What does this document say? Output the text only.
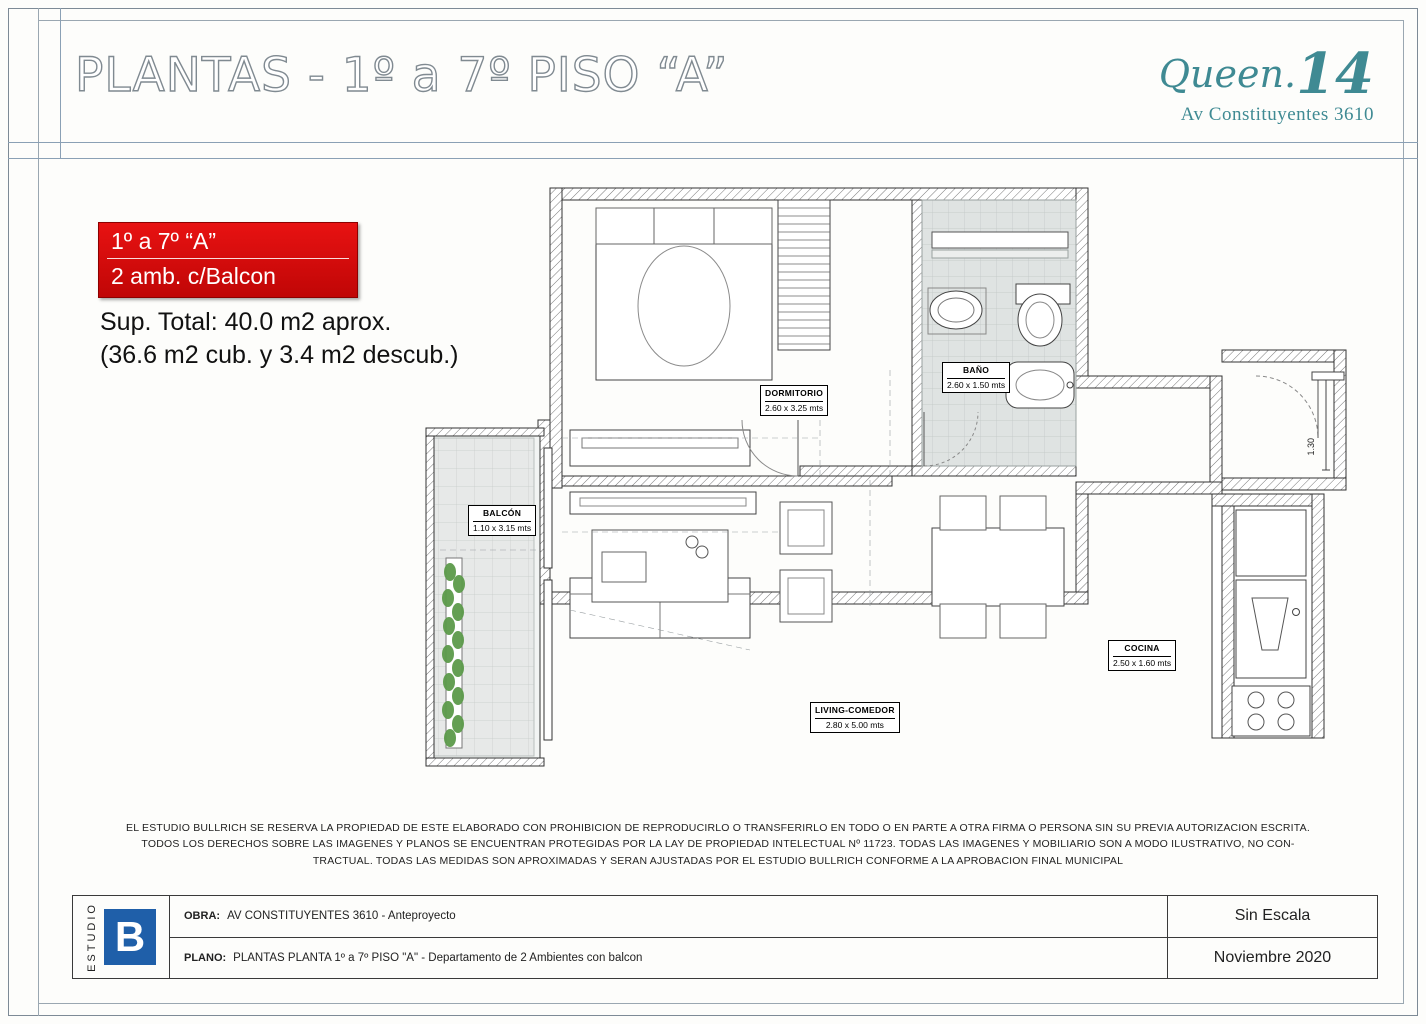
PLANTAS - 1º a 7º PISO “A”	Queen.14
Av Constituyentes 3610
1º a 7º “A”
2 amb. c/Balcon
Sup. Total: 40.0 m2 aprox.
(36.6 m2 cub. y 3.4 m2 descub.)
DORMITORIO
2.60 x 3.25 mts
BAÑO
2.60 x 1.50 mts
BALCÓN
1.10 x 3.15 mts
LIVING-COMEDOR
2.80 x 5.00 mts
COCINA
2.50 x 1.60 mts
1.30
EL ESTUDIO BULLRICH SE RESERVA LA PROPIEDAD DE ESTE ELABORADO CON PROHIBICION DE REPRODUCIRLO O TRANSFERIRLO EN TODO O EN PARTE A OTRA FIRMA O PERSONA SIN SU PREVIA AUTORIZACION ESCRITA.
TODOS LOS DERECHOS SOBRE LAS IMAGENES Y PLANOS SE ENCUENTRAN PROTEGIDAS POR LA LAY DE PROPIEDAD INTELECTUAL Nº 11723. TODAS LAS IMAGENES Y MOBILIARIO SON A MODO ILUSTRATIVO, NO CON-
TRACTUAL. TODAS LAS MEDIDAS SON APROXIMADAS Y SERAN AJUSTADAS POR EL ESTUDIO BULLRICH CONFORME A LA APROBACION FINAL MUNICIPAL
ESTUDIO B	OBRA: AV CONSTITUYENTES 3610 - Anteproyecto
PLANO: PLANTAS PLANTA 1º a 7º PISO "A" - Departamento de 2 Ambientes con balcon
Sin Escala
Noviembre 2020
